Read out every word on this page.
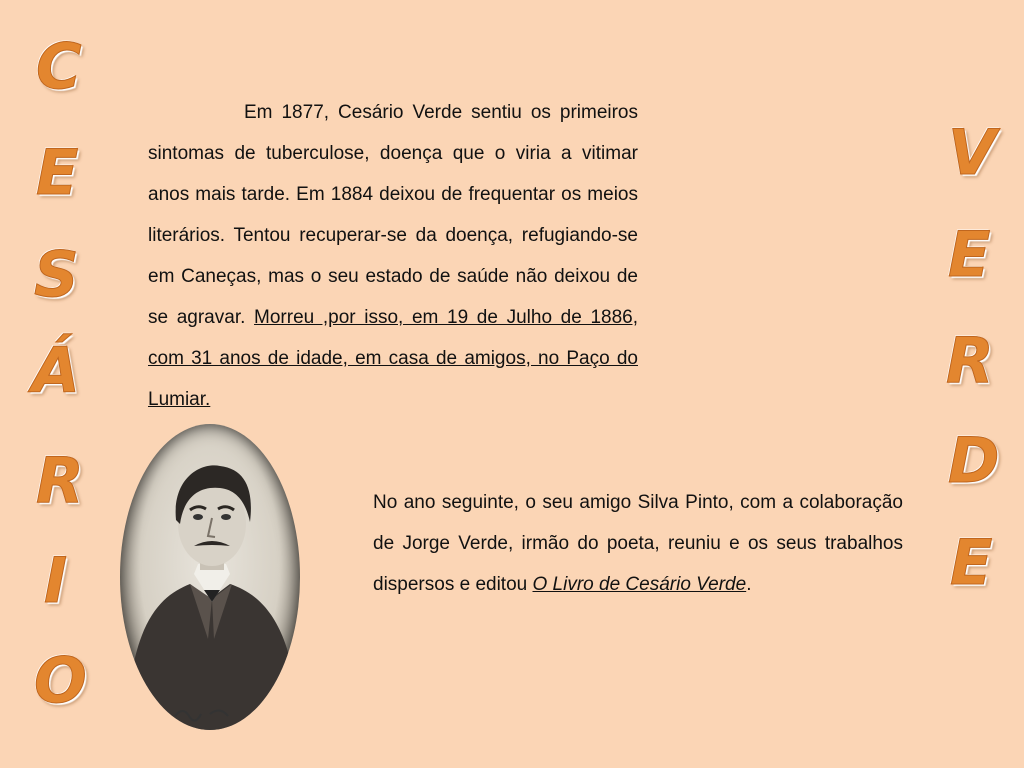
C
E
S
Á
R
I
O
V
E
R
D
E

Em 1877, Cesário Verde sentiu os primeiros sintomas de tuberculose, doença que o viria a vitimar anos mais tarde. Em 1884 deixou de frequentar os meios literários. Tentou recuperar-se da doença, refugiando-se em Caneças, mas o seu estado de saúde não deixou de se agravar. Morreu ,por isso, em 19 de Julho de 1886, com 31 anos de idade, em casa de amigos, no Paço do Lumiar.

No ano seguinte, o seu amigo Silva Pinto, com a colaboração de Jorge Verde, irmão do poeta, reuniu e os seus trabalhos dispersos e editou O Livro de Cesário Verde.
